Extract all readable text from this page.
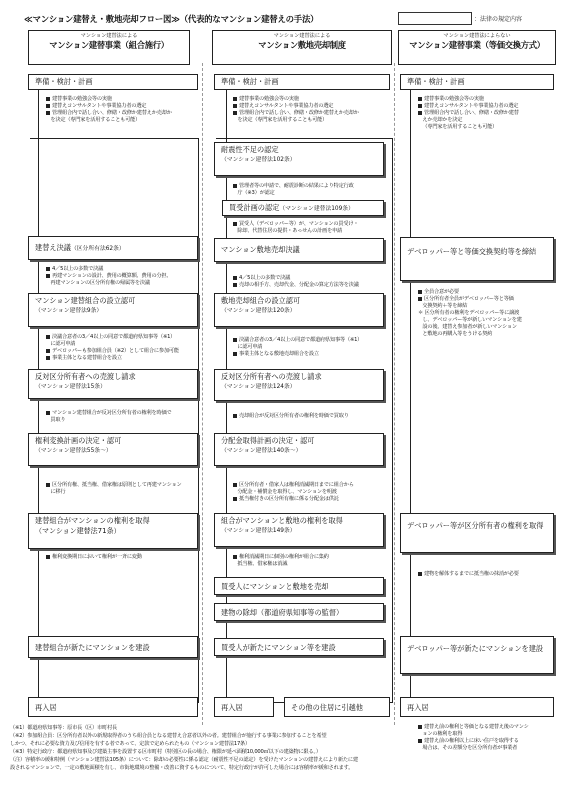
≪マンション建替え・敷地売却フロー図≫（代表的なマンション建替えの手法）	：法律の規定内容
マンション建替法による
マンション建替事業（組合施行）
マンション建替法による
マンション敷地売却制度
マンション建替法によらない
マンション建替事業（等価交換方式）
準備・検討・計画
建替事業の勉強会等の実施
建替えコンサルタントや事業協力者の選定
管理組合内で話し合い、修繕・改修か建替えか売却か
を決定（専門家を活用することも可能）
建替え決議（区分所有法62条）
4／5以上の多数で決議
再建マンションの設計、費用の概算額、費用の分担、
再建マンションの区分所有権の帰属等を決議
マンション建替組合の設立認可
（マンション建替法9条）
決議合意者の3／4以上の同意で都道府県知事等（※1）
に認可申請
デベロッパーも参加組合員（※2）として組合に参加可能
事業主体となる建替組合を設立
反対区分所有者への売渡し請求
（マンション建替法15条）
マンション建替組合が反対区分所有者の権利を時価で
買取り
権利変換計画の決定・認可
（マンション建替法55条〜）
区分所有権、抵当権、借家権は原則として再建マンション
に移行
建替組合がマンションの権利を取得
（マンション建替法71条）
権利変換期日において権利が一斉に変動
建替組合が新たにマンションを建設
再入居
準備・検討・計画
建替事業の勉強会等の実施
建替えコンサルタントや事業協力者の選定
管理組合内で話し合い、修繕・改修か建替えか売却か
を決定（専門家を活用することも可能）
耐震性不足の認定
（マンション建替法102条）
管理者等の申請で、耐震診断の結果により特定行政
庁（※3）が認定
買受計画の認定（マンション建替法109条）
買受人（デベロッパー等）が、マンションの買受け・
除却、代替住居の提供・あっせんの計画を申請
マンション敷地売却決議
4／5以上の多数で決議
売却の相手方、売却代金、分配金の算定方法等を決議
敷地売却組合の設立認可
（マンション建替法120条）
決議合意者の3／4以上の同意で都道府県知事等（※1）
に認可申請
事業主体となる敷地売却組合を設立
反対区分所有者への売渡し請求
（マンション建替法124条）
売却組合が反対区分所有者の権利を時価で買取り
分配金取得計画の決定・認可
（マンション建替法140条〜）
区分所有者・借家人は権利消滅期日までに組合から
分配金・補償金を取得し、マンションを明渡
抵当権付きの区分所有権に係る分配金は供託
組合がマンションと敷地の権利を取得
（マンション建替法149条）
権利消滅期日に個別の権利が組合に集約
抵当権、借家権は消滅
買受人にマンションと敷地を売却
建物の除却（都道府県知事等の監督）
買受人が新たにマンション等を建設
再入居	その他の住居に引越他
準備・検討・計画
建替事業の勉強会等の実施
建替えコンサルタントや事業協力者の選定
管理組合内で話し合い、修繕・改修か建替
えか売却かを決定
（専門家を活用することも可能）
デベロッパー等と等価交換契約等を締結
全員合意が必要
区分所有者全員がデベロッパー等と等価
交換契約＋等を締結
＊ 区分所有者の権利をデベロッパー等に譲渡
し、デベロッパー等が新しいマンションを建
設の後、建替え参加者が新しいマンション
と敷地の再購入等をうける契約
デベロッパー等が区分所有者の権利を取得
建物を解体するまでに抵当権の抹消が必要
デベロッパー等が新たにマンションを建設
再入居
建替え前の権利と等価となる建替え後のマンシ
ョンの権利を取得
建替え前の権利以上に床い住戸を取得する
場合は、その差額分を区分所有者が事業者
（※1）都道府県知事等：原市長（区）市町村長
（※2）参加組合員：区分所有者以外の新規取得者のうち組合員となる建替え合意者以外の者。建替組合が施行する事業に参加することを希望
しかつ、それに必要な資力及び信用を有する者であって、定款で定められたもの（マンション建替法17条）
（※3）特定行政庁：都道府県知事及び建築主事を設置する区市町村（特別区の長の場合、権限が延べ面積10,000㎡以下の建築物に限る。）
（注）容積率の緩和特例（マンション建替法105条）について：除却の必要性に係る認定（耐震性不足の認定）を受けたマンションの建替えにより新たに建
設されるマンションで、一定の敷地面積を有し、市街地環境の整備・改善に資するものについて、特定行政庁が許可した場合には容積率が緩和されます。
